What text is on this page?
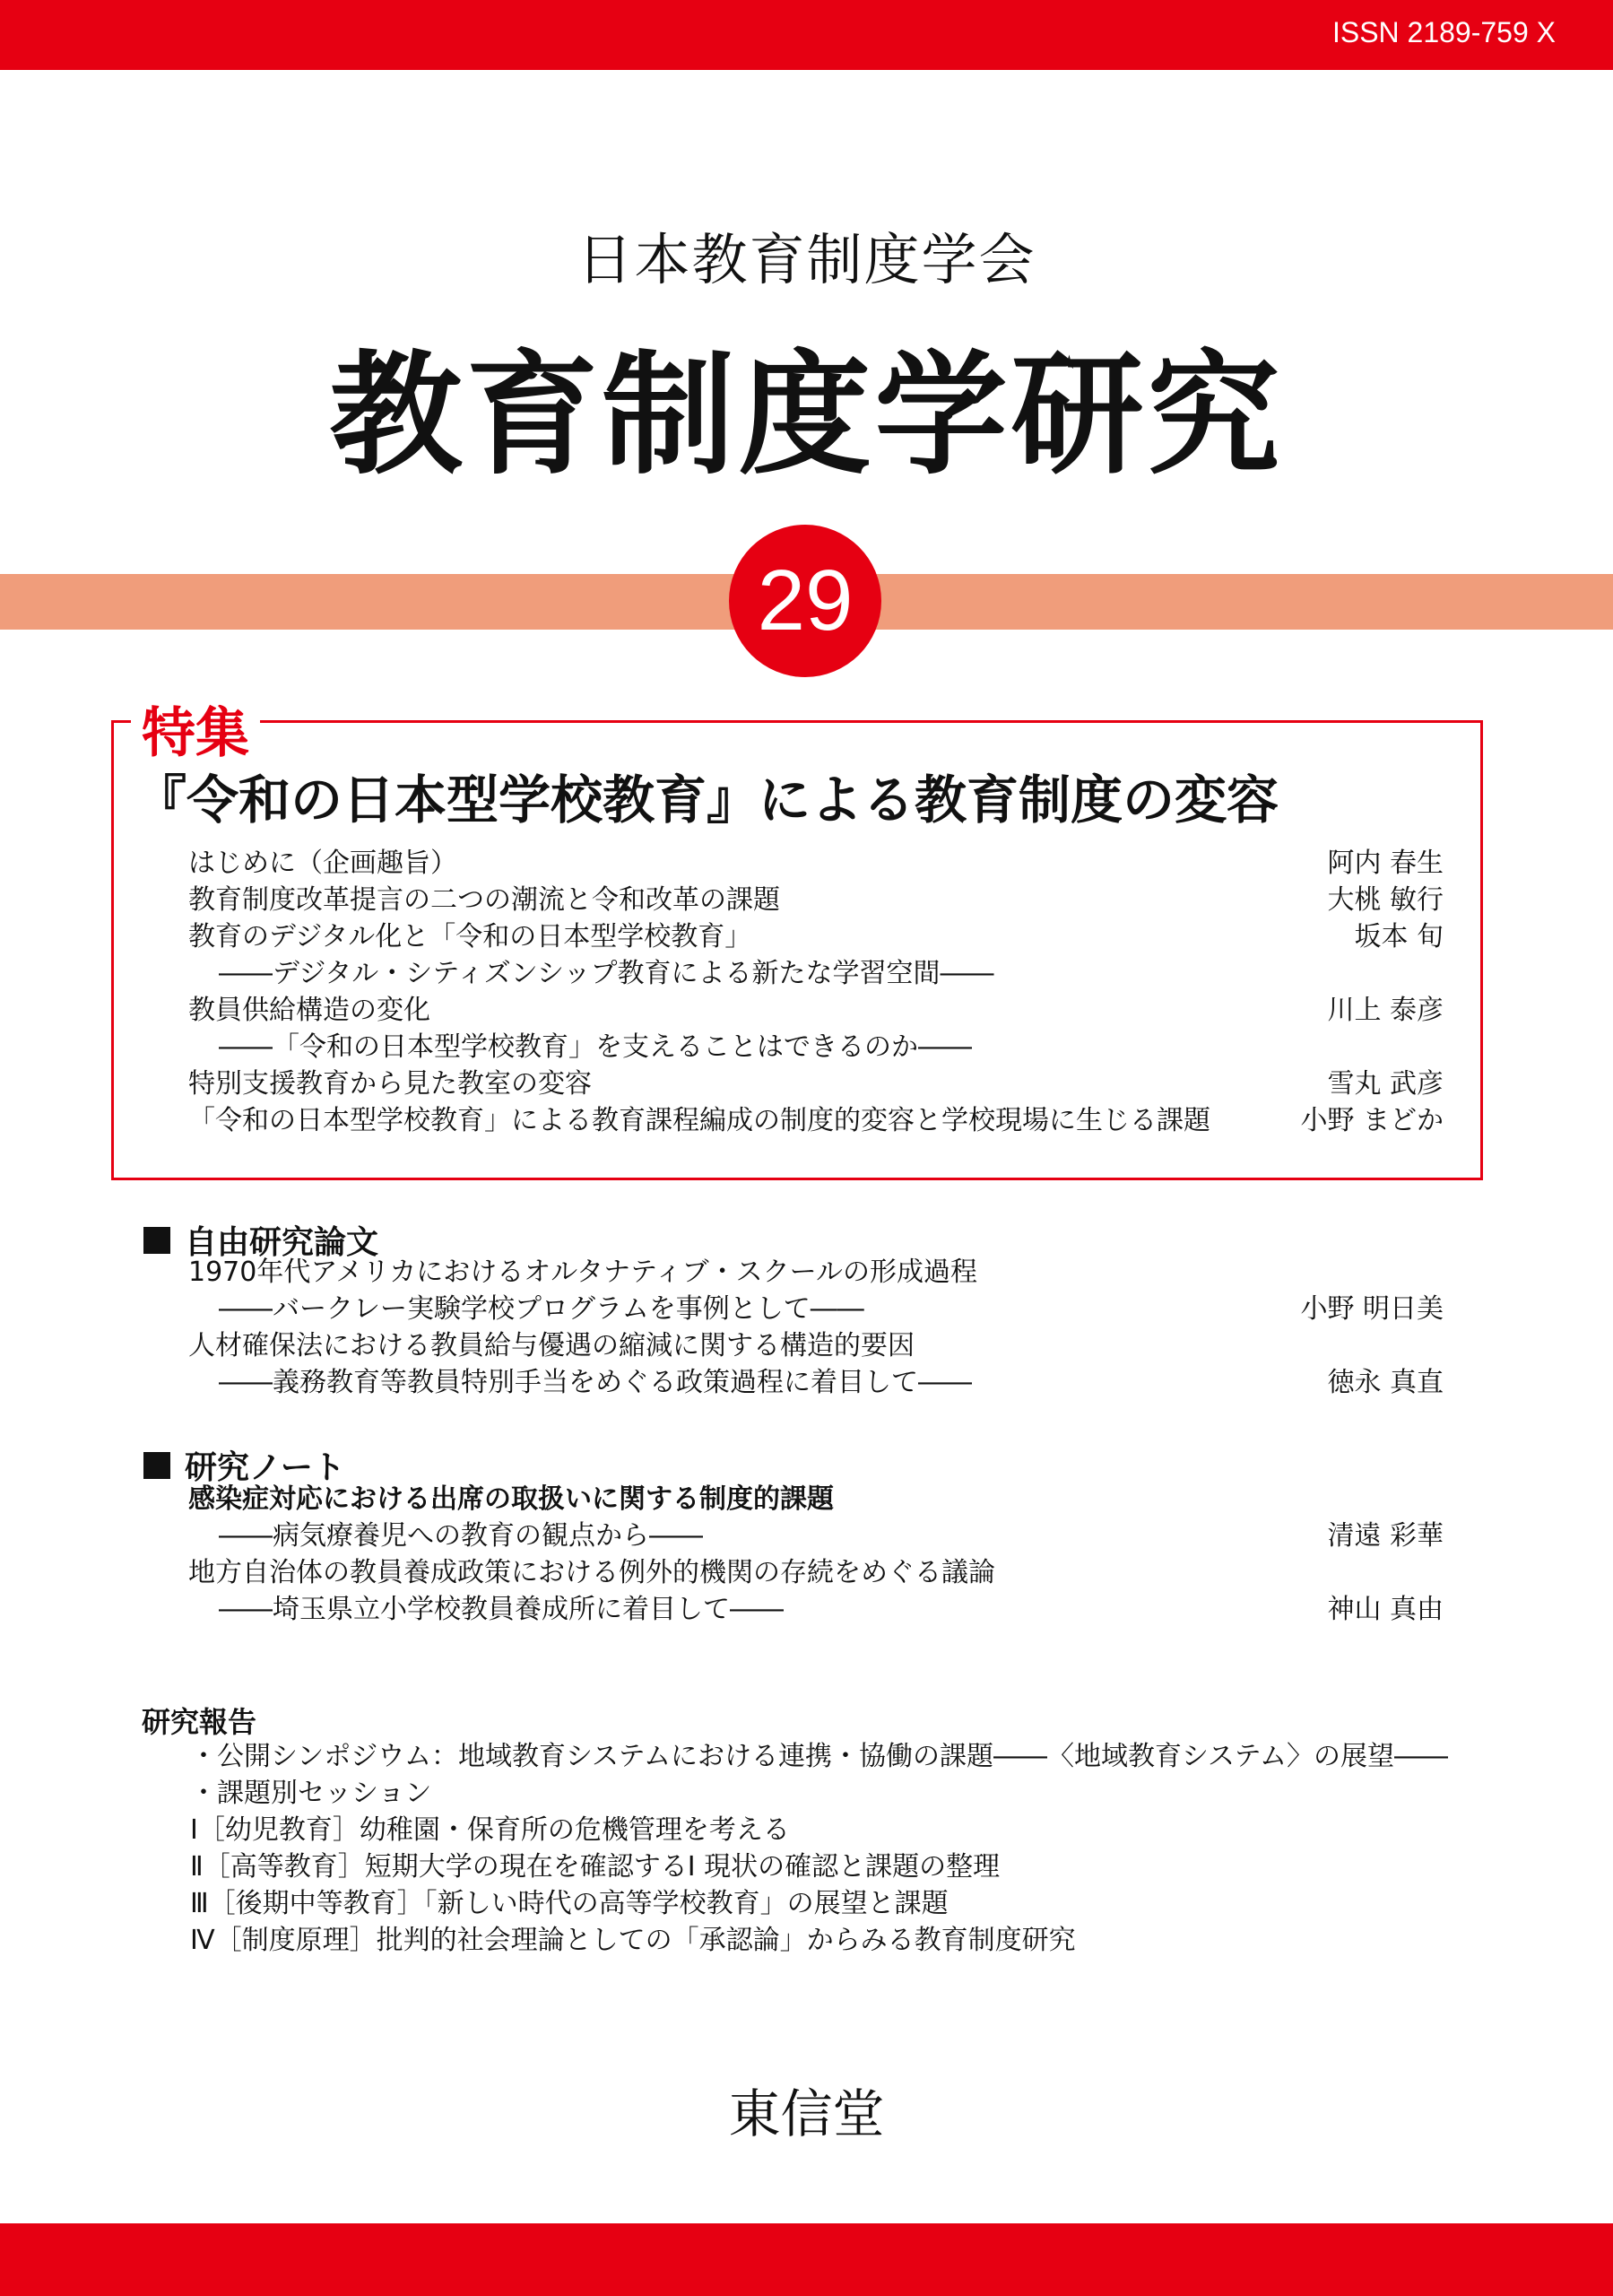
ISSN 2189-759 X
日本教育制度学会
教育制度学研究
29
特集
『令和の日本型学校教育』による教育制度の変容
はじめに（企画趣旨）	阿内 春生
教育制度改革提言の二つの潮流と令和改革の課題	大桃 敏行
教育のデジタル化と「令和の日本型学校教育」	坂本 旬
――デジタル・シティズンシップ教育による新たな学習空間――
教員供給構造の変化	川上 泰彦
――「令和の日本型学校教育」を支えることはできるのか――
特別支援教育から見た教室の変容	雪丸 武彦
「令和の日本型学校教育」による教育課程編成の制度的変容と学校現場に生じる課題	小野 まどか
自由研究論文
1970年代アメリカにおけるオルタナティブ・スクールの形成過程
――バークレー実験学校プログラムを事例として――	小野 明日美
人材確保法における教員給与優遇の縮減に関する構造的要因
――義務教育等教員特別手当をめぐる政策過程に着目して――	徳永 真直
研究ノート
感染症対応における出席の取扱いに関する制度的課題
――病気療養児への教育の観点から――	清遠 彩華
地方自治体の教員養成政策における例外的機関の存続をめぐる議論
――埼玉県立小学校教員養成所に着目して――	神山 真由
研究報告
・公開シンポジウム：地域教育システムにおける連携・協働の課題――〈地域教育システム〉の展望――
・課題別セッション
Ⅰ［幼児教育］幼稚園・保育所の危機管理を考える
Ⅱ［高等教育］短期大学の現在を確認するⅠ 現状の確認と課題の整理
Ⅲ［後期中等教育］「新しい時代の高等学校教育」の展望と課題
Ⅳ［制度原理］批判的社会理論としての「承認論」からみる教育制度研究
東信堂
